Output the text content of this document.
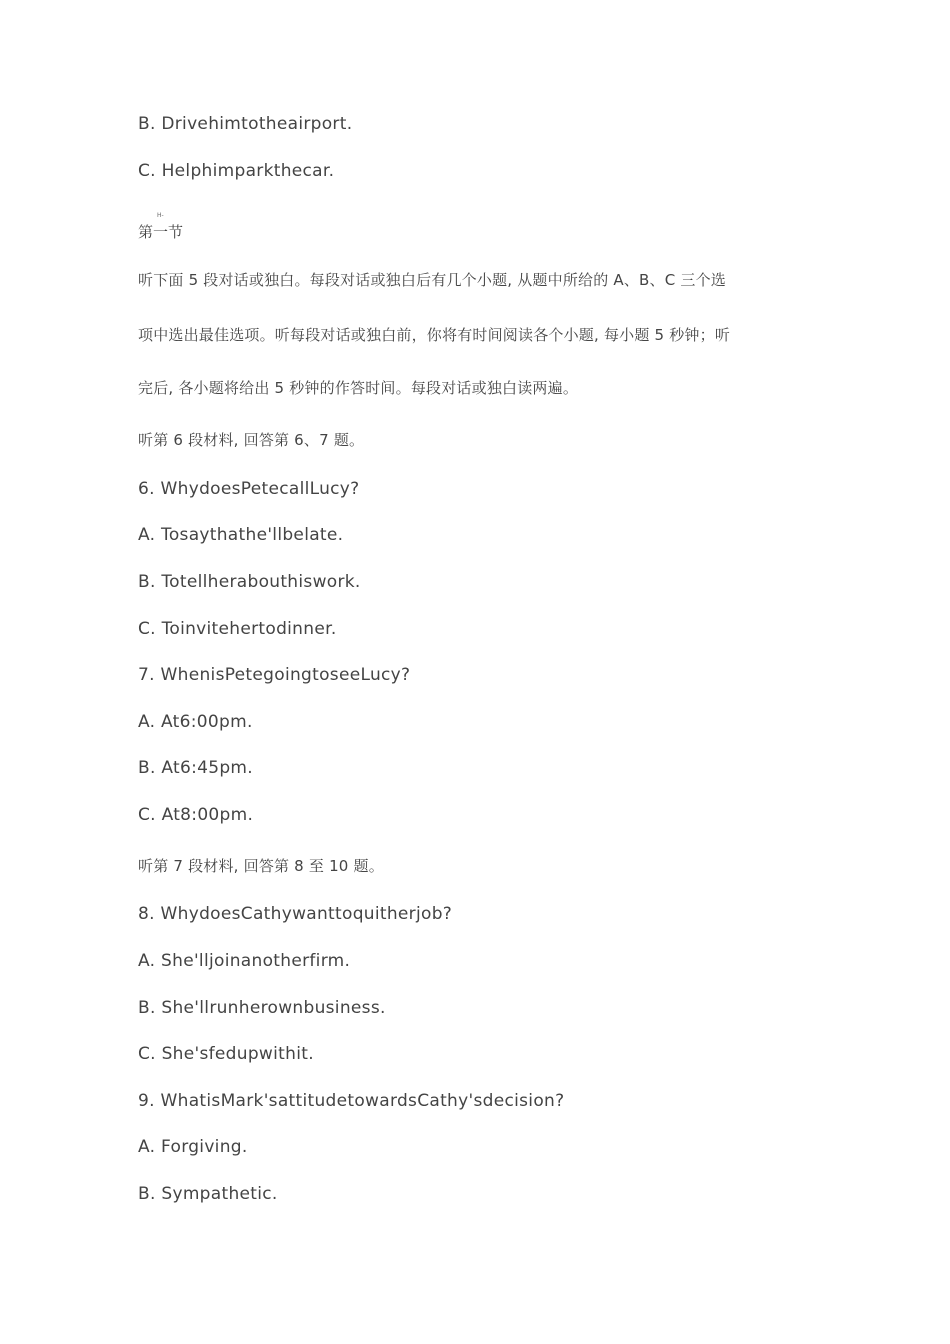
B. Drivehimtotheairport.
C. Helphimparkthecar.
H-
第一节
听下面 5 段对话或独白。每段对话或独白后有几个小题, 从题中所给的 A、B、C 三个选
项中选出最佳选项。听每段对话或独白前，你将有时间阅读各个小题, 每小题 5 秒钟；听
完后, 各小题将给出 5 秒钟的作答时间。每段对话或独白读两遍。
听第 6 段材料, 回答第 6、7 题。
6. WhydoesPetecallLucy?
A. Tosaythathe'llbelate.
B. Totellherabouthiswork.
C. Toinvitehertodinner.
7. WhenisPetegoingtoseeLucy?
A. At6:00pm.
B. At6:45pm.
C. At8:00pm.
听第 7 段材料, 回答第 8 至 10 题。
8. WhydoesCathywanttoquitherjob?
A. She'lljoinanotherfirm.
B. She'llrunherownbusiness.
C. She'sfedupwithit.
9. WhatisMark'sattitudetowardsCathy'sdecision?
A. Forgiving.
B. Sympathetic.
